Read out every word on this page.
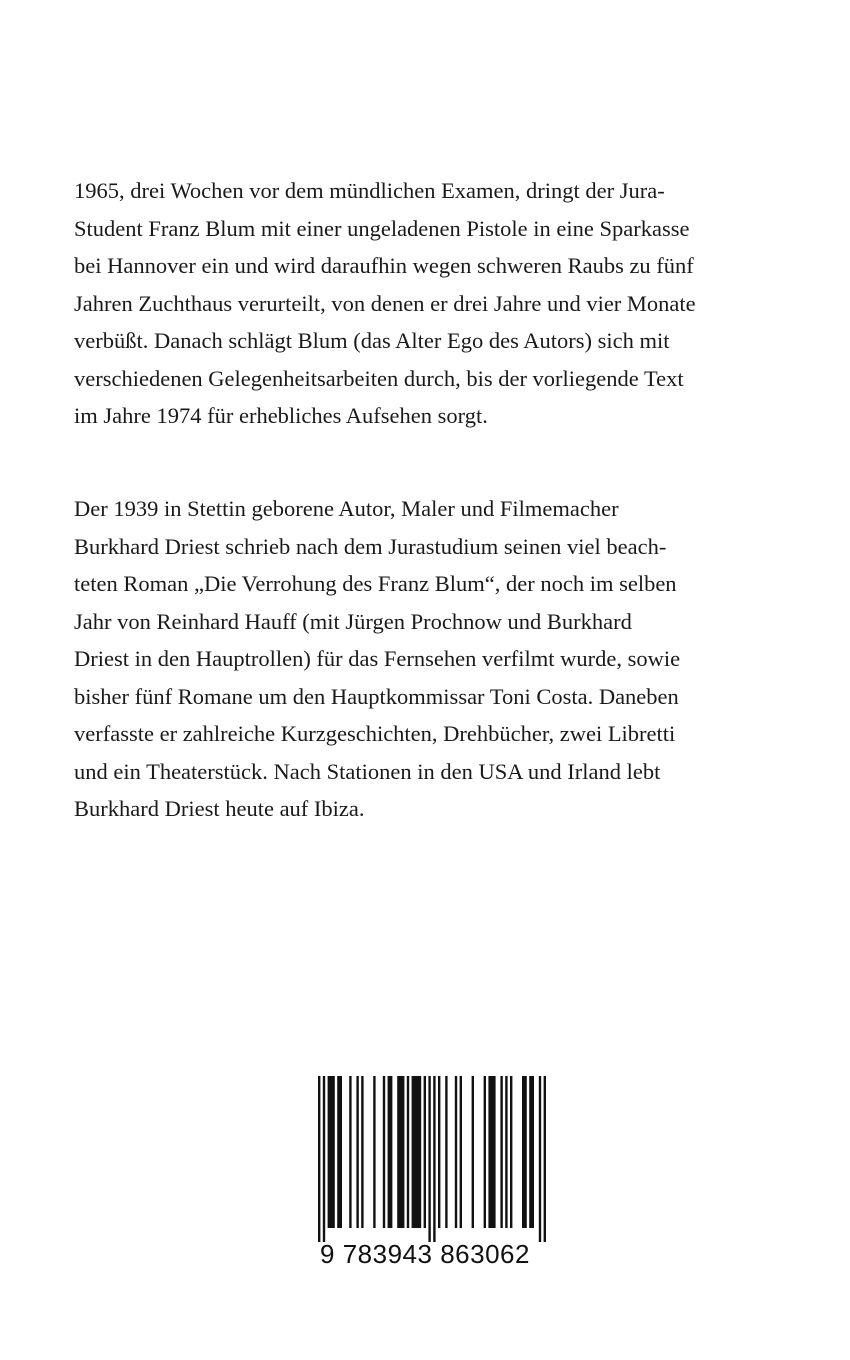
1965, drei Wochen vor dem mündlichen Examen, dringt der Jura-
Student Franz Blum mit einer ungeladenen Pistole in eine Sparkasse
bei Hannover ein und wird daraufhin wegen schweren Raubs zu fünf
Jahren Zuchthaus verurteilt, von denen er drei Jahre und vier Monate
verbüßt. Danach schlägt Blum (das Alter Ego des Autors) sich mit
verschiedenen Gelegenheitsarbeiten durch, bis der vorliegende Text
im Jahre 1974 für erhebliches Aufsehen sorgt.

Der 1939 in Stettin geborene Autor, Maler und Filmemacher
Burkhard Driest schrieb nach dem Jurastudium seinen viel beach-
teten Roman „Die Verrohung des Franz Blum“, der noch im selben
Jahr von Reinhard Hauff (mit Jürgen Prochnow und Burkhard
Driest in den Hauptrollen) für das Fernsehen verfilmt wurde, sowie
bisher fünf Romane um den Hauptkommissar Toni Costa. Daneben
verfasste er zahlreiche Kurzgeschichten, Drehbücher, zwei Libretti
und ein Theaterstück. Nach Stationen in den USA und Irland lebt
Burkhard Driest heute auf Ibiza.

9 783943 863062
